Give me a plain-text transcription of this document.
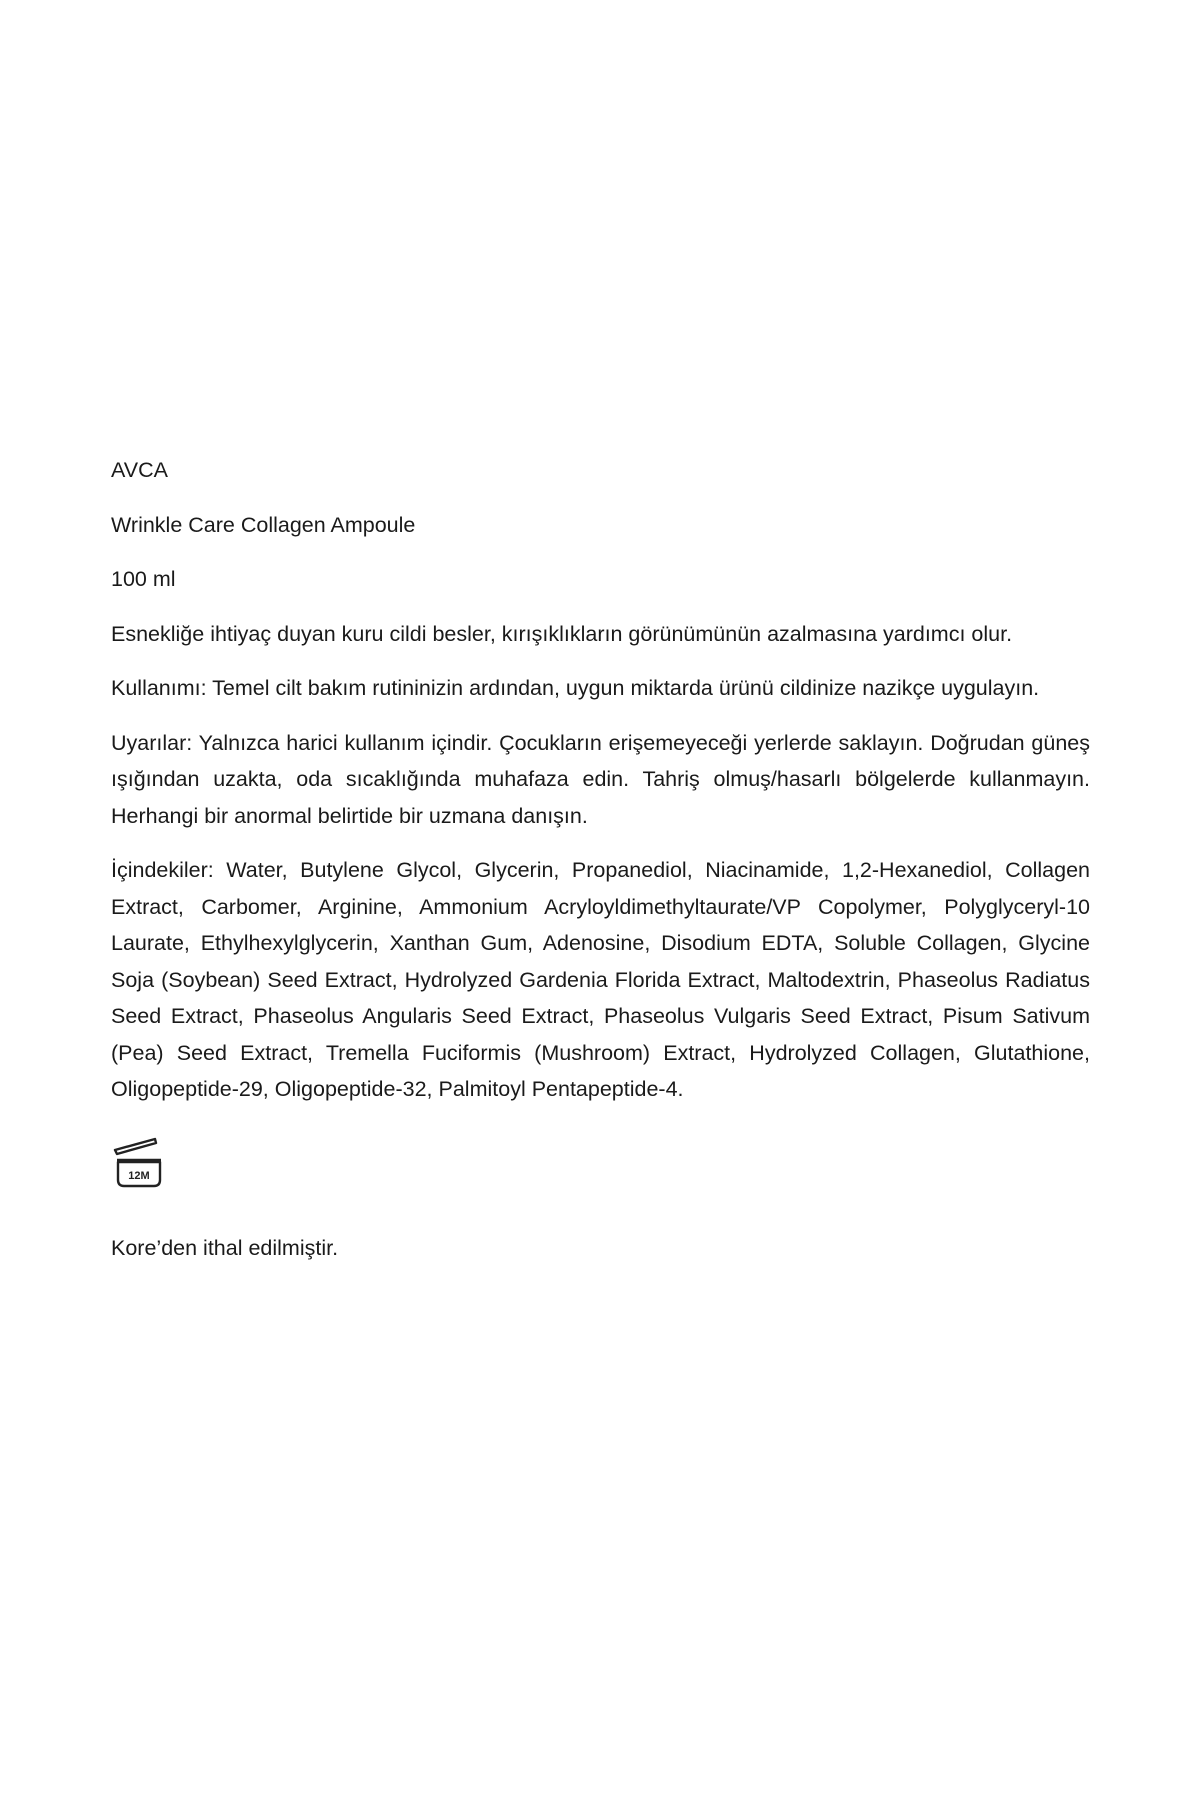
AVCA

Wrinkle Care Collagen Ampoule

100 ml

Esnekliğe ihtiyaç duyan kuru cildi besler, kırışıklıkların görünümünün azalmasına yardımcı olur.

Kullanımı: Temel cilt bakım rutininizin ardından, uygun miktarda ürünü cildinize nazikçe uygulayın.

Uyarılar: Yalnızca harici kullanım içindir. Çocukların erişemeyeceği yerlerde saklayın. Doğrudan güneş ışığından uzakta, oda sıcaklığında muhafaza edin. Tahriş olmuş/hasarlı bölgelerde kullanmayın. Herhangi bir anormal belirtide bir uzmana danışın.

İçindekiler: Water, Butylene Glycol, Glycerin, Propanediol, Niacinamide, 1,2-Hexanediol, Collagen Extract, Carbomer, Arginine, Ammonium Acryloyldimethyltaurate/VP Copolymer, Polyglyceryl-10 Laurate, Ethylhexylglycerin, Xanthan Gum, Adenosine, Disodium EDTA, Soluble Collagen, Glycine Soja (Soybean) Seed Extract, Hydrolyzed Gardenia Florida Extract, Maltodextrin, Phaseolus Radiatus Seed Extract, Phaseolus Angularis Seed Extract, Phaseolus Vulgaris Seed Extract, Pisum Sativum (Pea) Seed Extract, Tremella Fuciformis (Mushroom) Extract, Hydrolyzed Collagen, Glutathione, Oligopeptide-29, Oligopeptide-32, Palmitoyl Pentapeptide-4.

12M

Kore’den ithal edilmiştir.
